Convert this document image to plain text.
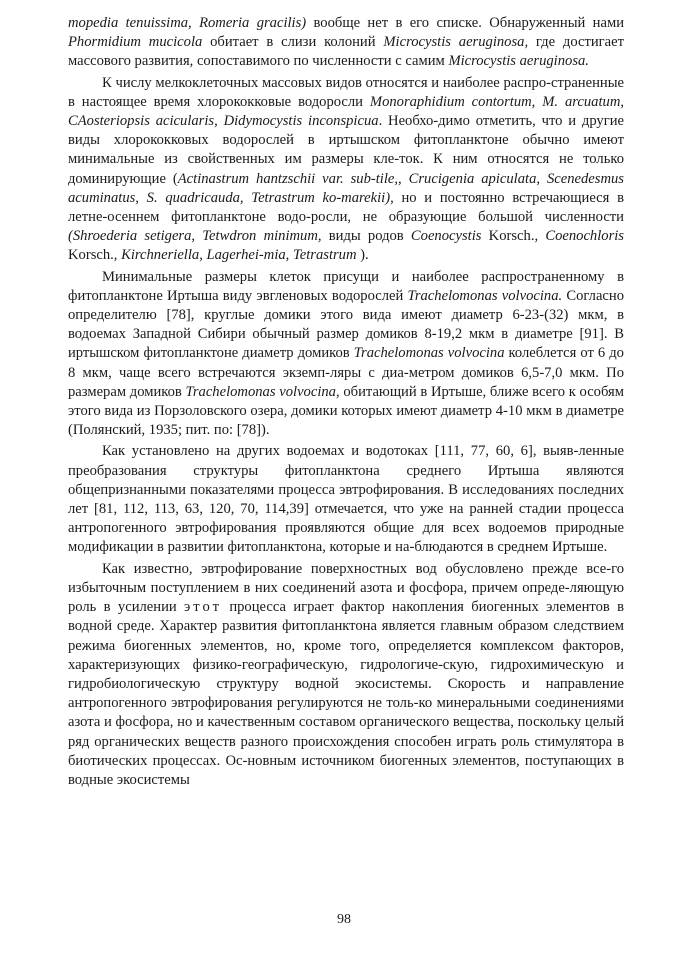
mopedia tenuissima, Romeria gracilis) вообще нет в его списке. Обнаруженный нами Phormidium mucicola обитает в слизи колоний Microcystis aeruginosa, где достигает массового развития, сопоставимого по численности с самим Microcystis aeruginosa.

К числу мелкоклеточных массовых видов относятся и наиболее распро-страненные в настоящее время хлорококковые водоросли Monoraphidium contortum, M. arcuatum, CAosteriopsis acicularis, Didymocystis inconspicua. Необхо-димо отметить, что и другие виды хлорококковых водорослей в иртышском фитопланктоне обычно имеют минимальные из свойственных им размеры кле-ток. К ним относятся не только доминирующие (Actinastrum hantzschii var. sub-tile,, Crucigenia apiculata, Scenedesmus acuminatus, S. quadricauda, Tetrastrum ko-marekii), но и постоянно встречающиеся в летне-осеннем фитопланктоне водо-росли, не образующие большой численности (Shroederia setigera, Tetwdron minimum, виды родов Coenocystis Korsch., Coenochloris Korsch., Kirchneriella, Lagerhei-mia, Tetrastrum ).

Минимальные размеры клеток присущи и наиболее распространенному в фитопланктоне Иртыша виду эвгленовых водорослей Trachelomonas volvocina. Согласно определителю [78], круглые домики этого вида имеют диаметр 6-23-(32) мкм, в водоемах Западной Сибири обычный размер домиков 8-19,2 мкм в диаметре [91]. В иртышском фитопланктоне диаметр домиков Trachelomonas volvocina колеблется от 6 до 8 мкм, чаще всего встречаются экземп-ляры с диа-метром домиков 6,5-7,0 мкм. По размерам домиков Trachelomonas volvocina, обитающий в Иртыше, ближе всего к особям этого вида из Порзоловского озера, домики которых имеют диаметр 4-10 мкм в диаметре (Полянский, 1935; пит. по: [78]).

Как установлено на других водоемах и водотоках [111, 77, 60, 6], выяв-ленные преобразования структуры фитопланктона среднего Иртыша являются общепризнанными показателями процесса эвтрофирования. В исследованиях последних лет [81, 112, 113, 63, 120, 70, 114,39] отмечается, что уже на ранней стадии процесса антропогенного эвтрофирования проявляются общие для всех водоемов природные модификации в развитии фитопланктона, которые и на-блюдаются в среднем Иртыше.

Как известно, эвтрофирование поверхностных вод обусловлено прежде все-го избыточным поступлением в них соединений азота и фосфора, причем опреде-ляющую роль в усилении этот процесса играет фактор накопления биогенных элементов в водной среде. Характер развития фитопланктона является главным образом следствием режима биогенных элементов, но, кроме того, определяется комплексом факторов, характеризующих физико-географическую, гидрологиче-скую, гидрохимическую и гидробиологическую структуру водной экосистемы. Скорость и направление антропогенного эвтрофирования регулируются не толь-ко минеральными соединениями азота и фосфора, но и качественным составом органического вещества, поскольку целый ряд органических веществ разного происхождения способен играть роль стимулятора в биотических процессах. Ос-новным источником биогенных элементов, поступающих в водные экосистемы

98
